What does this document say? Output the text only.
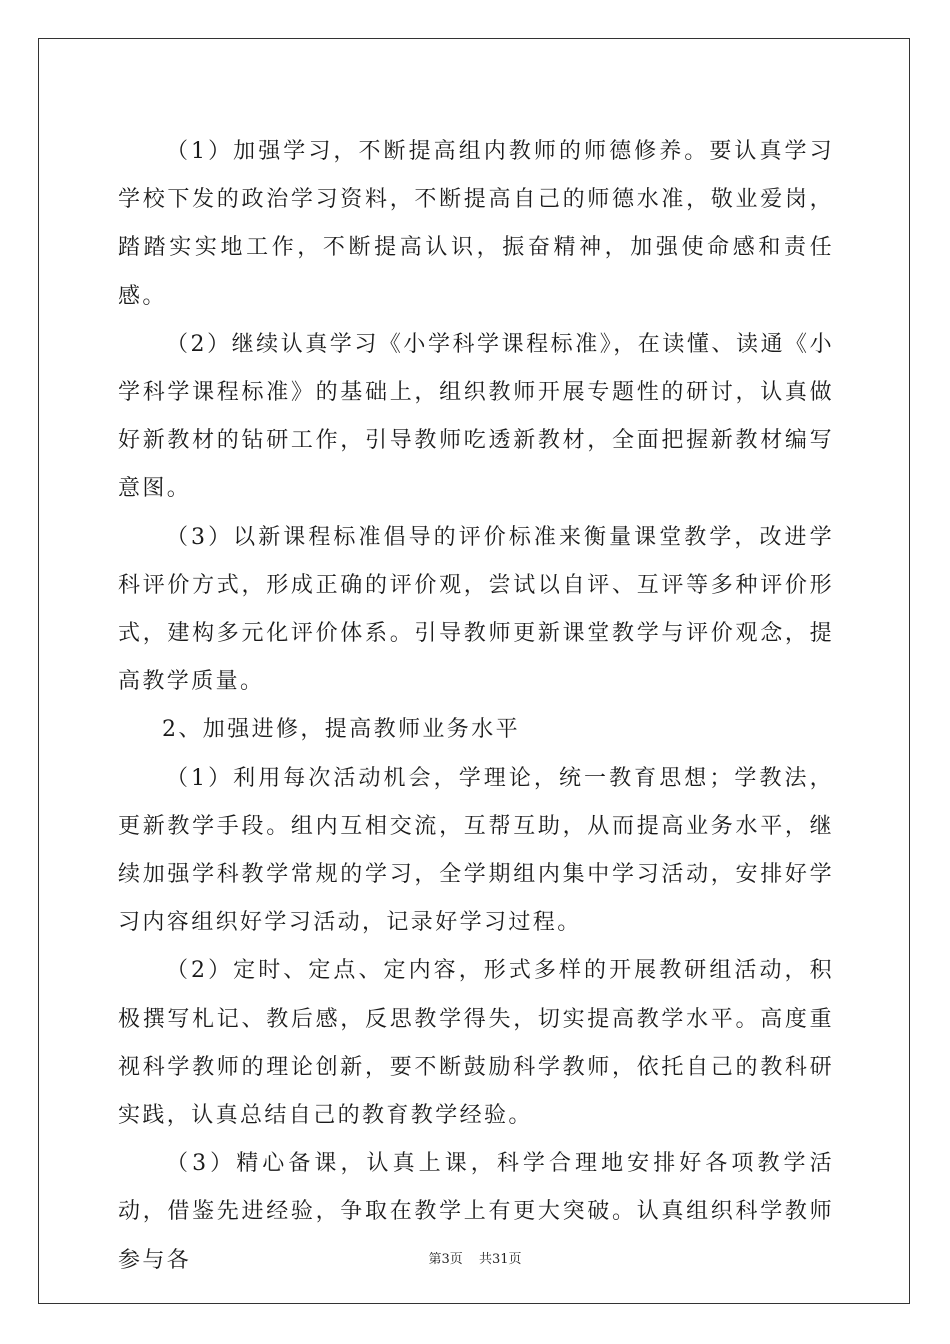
（1）加强学习，不断提高组内教师的师德修养。要认真学习学校下发的政治学习资料，不断提高自己的师德水准，敬业爱岗，踏踏实实地工作，不断提高认识，振奋精神，加强使命感和责任感。

（2）继续认真学习《小学科学课程标准》，在读懂、读通《小学科学课程标准》的基础上，组织教师开展专题性的研讨，认真做好新教材的钻研工作，引导教师吃透新教材，全面把握新教材编写意图。

（3）以新课程标准倡导的评价标准来衡量课堂教学，改进学科评价方式，形成正确的评价观，尝试以自评、互评等多种评价形式，建构多元化评价体系。引导教师更新课堂教学与评价观念，提高教学质量。

2、加强进修，提高教师业务水平

（1）利用每次活动机会，学理论，统一教育思想；学教法，更新教学手段。组内互相交流，互帮互助，从而提高业务水平，继续加强学科教学常规的学习，全学期组内集中学习活动，安排好学习内容组织好学习活动，记录好学习过程。

（2）定时、定点、定内容，形式多样的开展教研组活动，积极撰写札记、教后感，反思教学得失，切实提高教学水平。高度重视科学教师的理论创新，要不断鼓励科学教师，依托自己的教科研实践，认真总结自己的教育教学经验。

（3）精心备课，认真上课，科学合理地安排好各项教学活动，借鉴先进经验，争取在教学上有更大突破。认真组织科学教师参与各	第3页 共31页
